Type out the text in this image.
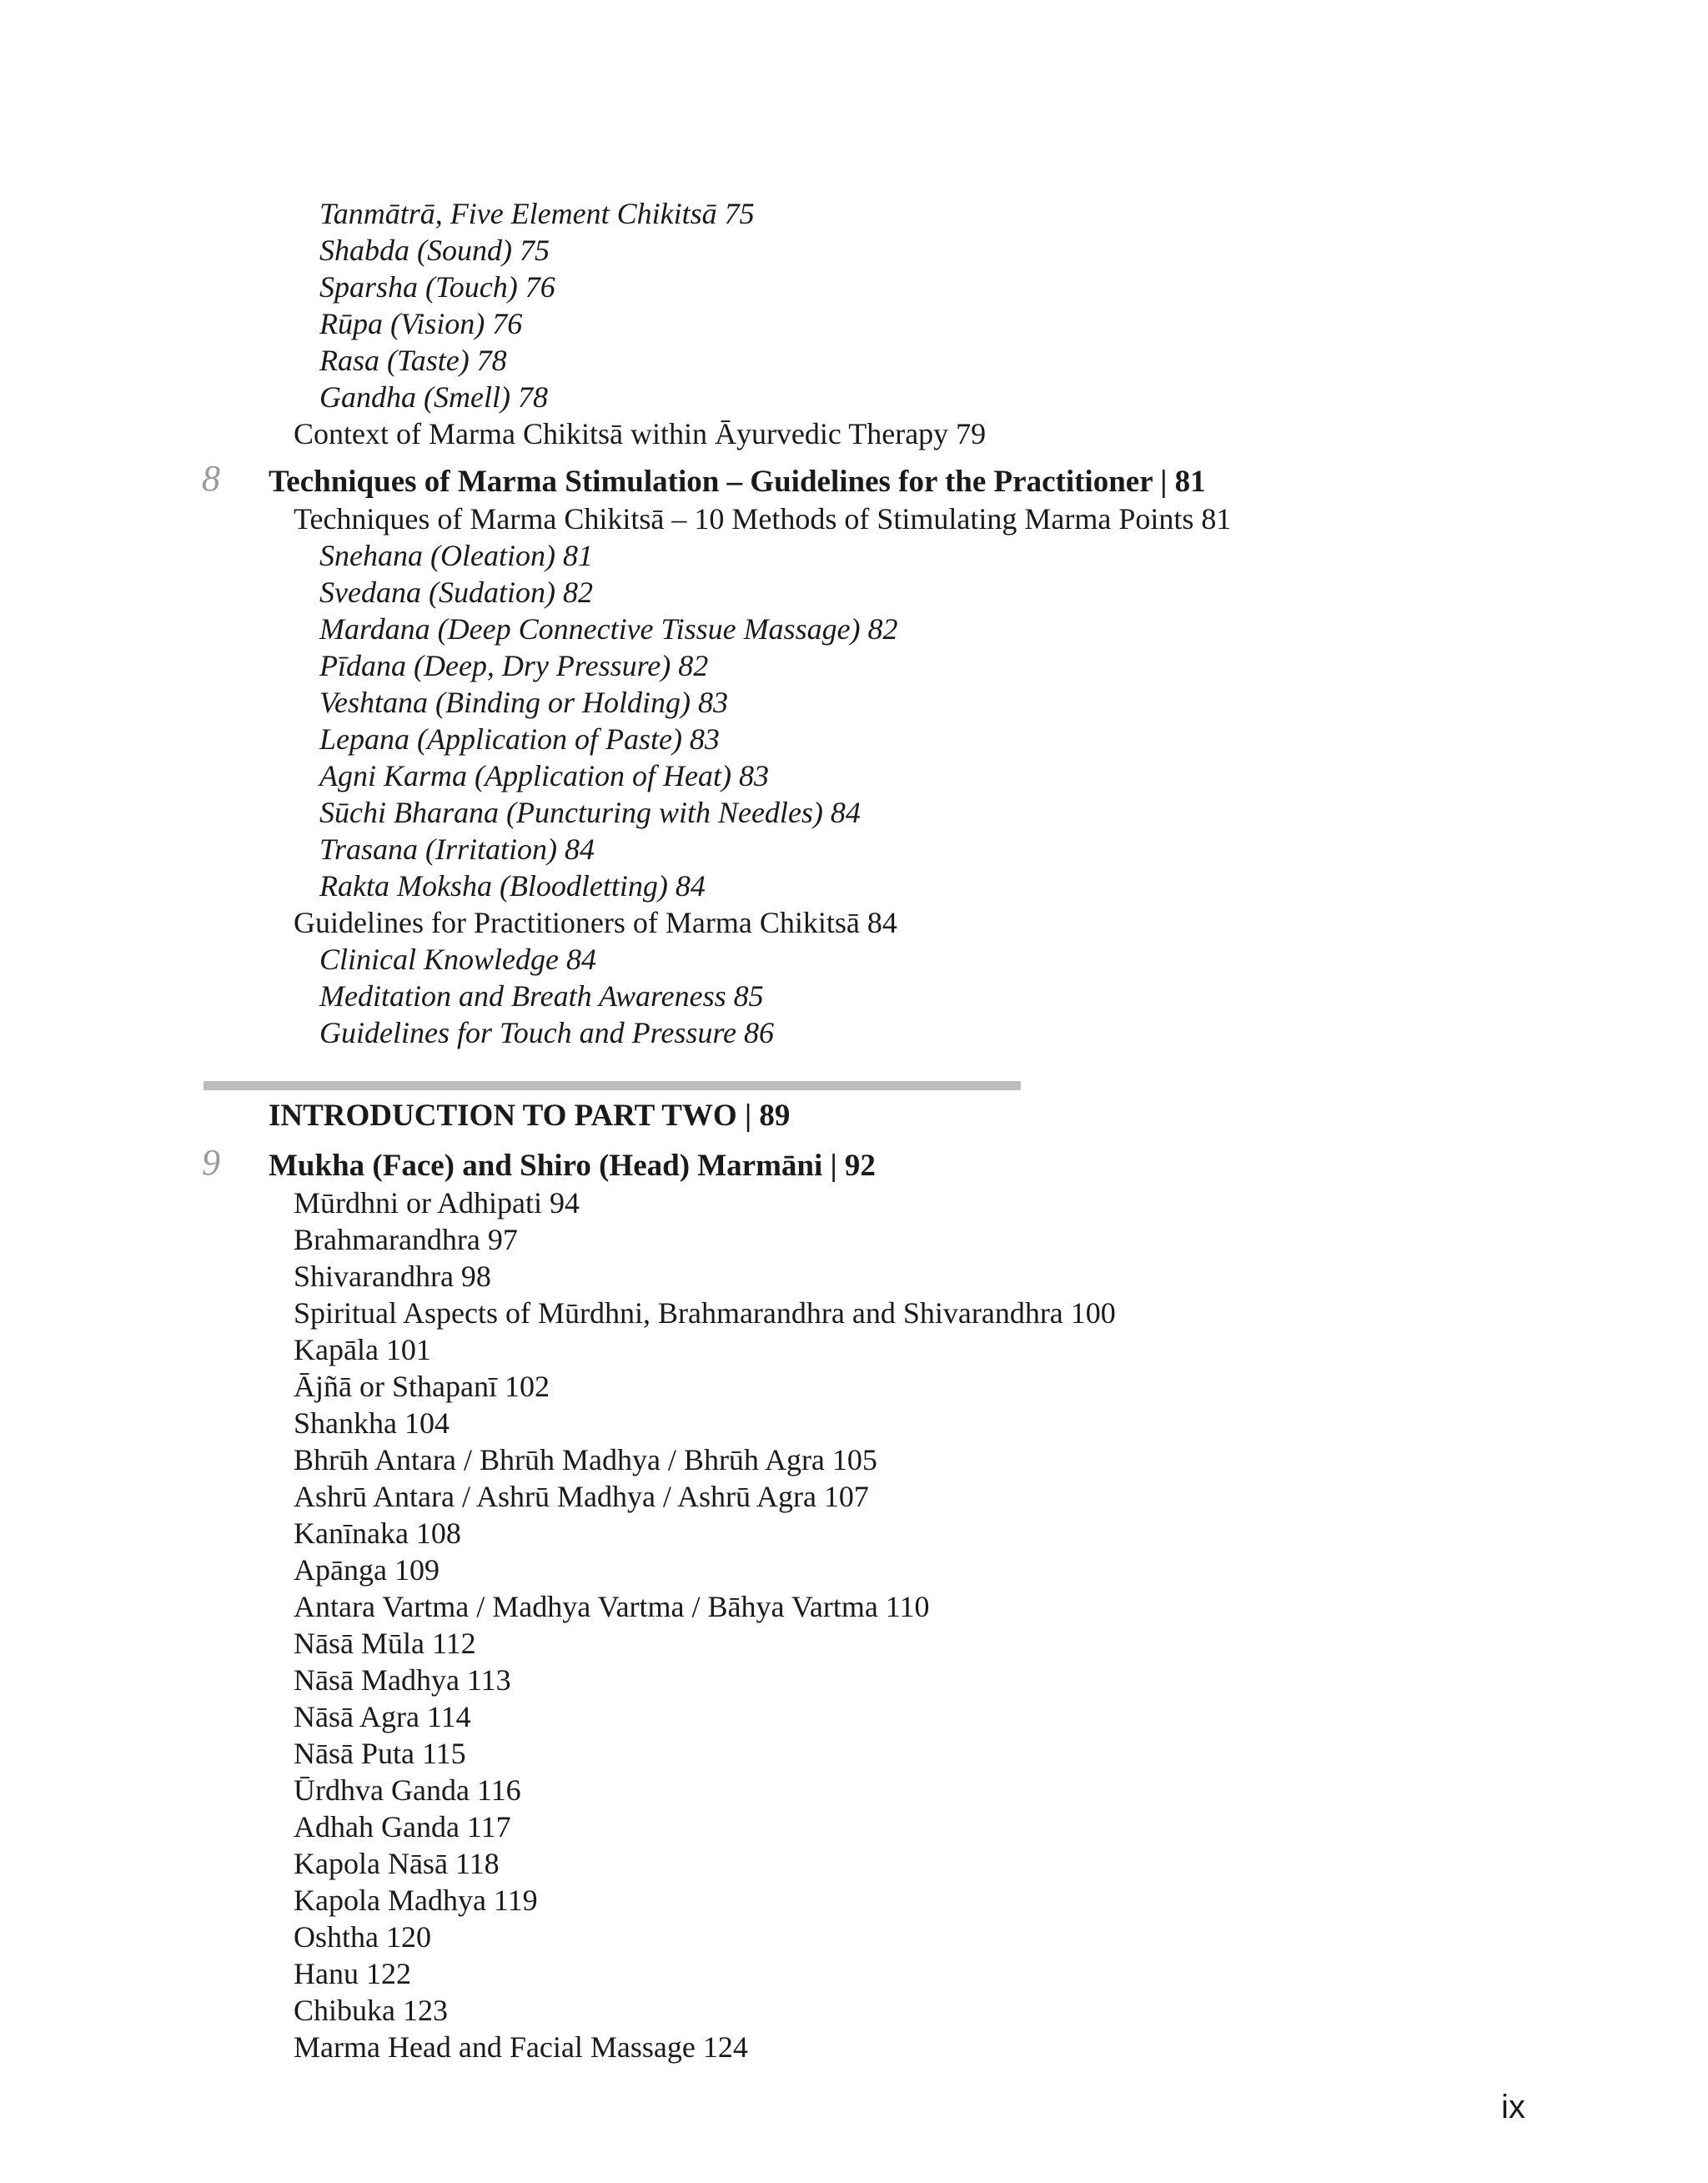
Tanmātrā, Five Element Chikitsā 75
Shabda (Sound) 75
Sparsha (Touch) 76
Rūpa (Vision) 76
Rasa (Taste) 78
Gandha (Smell) 78
Context of Marma Chikitsā within Āyurvedic Therapy 79
8 Techniques of Marma Stimulation – Guidelines for the Practitioner | 81
Techniques of Marma Chikitsā – 10 Methods of Stimulating Marma Points 81
Snehana (Oleation) 81
Svedana (Sudation) 82
Mardana (Deep Connective Tissue Massage) 82
Pīdana (Deep, Dry Pressure) 82
Veshtana (Binding or Holding) 83
Lepana (Application of Paste) 83
Agni Karma (Application of Heat) 83
Sūchi Bharana (Puncturing with Needles) 84
Trasana (Irritation) 84
Rakta Moksha (Bloodletting) 84
Guidelines for Practitioners of Marma Chikitsā 84
Clinical Knowledge 84
Meditation and Breath Awareness 85
Guidelines for Touch and Pressure 86
INTRODUCTION TO PART TWO | 89
9 Mukha (Face) and Shiro (Head) Marmāni | 92
Mūrdhni or Adhipati 94
Brahmarandhra 97
Shivarandhra 98
Spiritual Aspects of Mūrdhni, Brahmarandhra and Shivarandhra 100
Kapāla 101
Ājñā or Sthapanī 102
Shankha 104
Bhrūh Antara / Bhrūh Madhya / Bhrūh Agra 105
Ashrū Antara / Ashrū Madhya / Ashrū Agra 107
Kanīnaka 108
Apānga 109
Antara Vartma / Madhya Vartma / Bāhya Vartma 110
Nāsā Mūla 112
Nāsā Madhya 113
Nāsā Agra 114
Nāsā Puta 115
Ūrdhva Ganda 116
Adhah Ganda 117
Kapola Nāsā 118
Kapola Madhya 119
Oshtha 120
Hanu 122
Chibuka 123
Marma Head and Facial Massage 124
ix
